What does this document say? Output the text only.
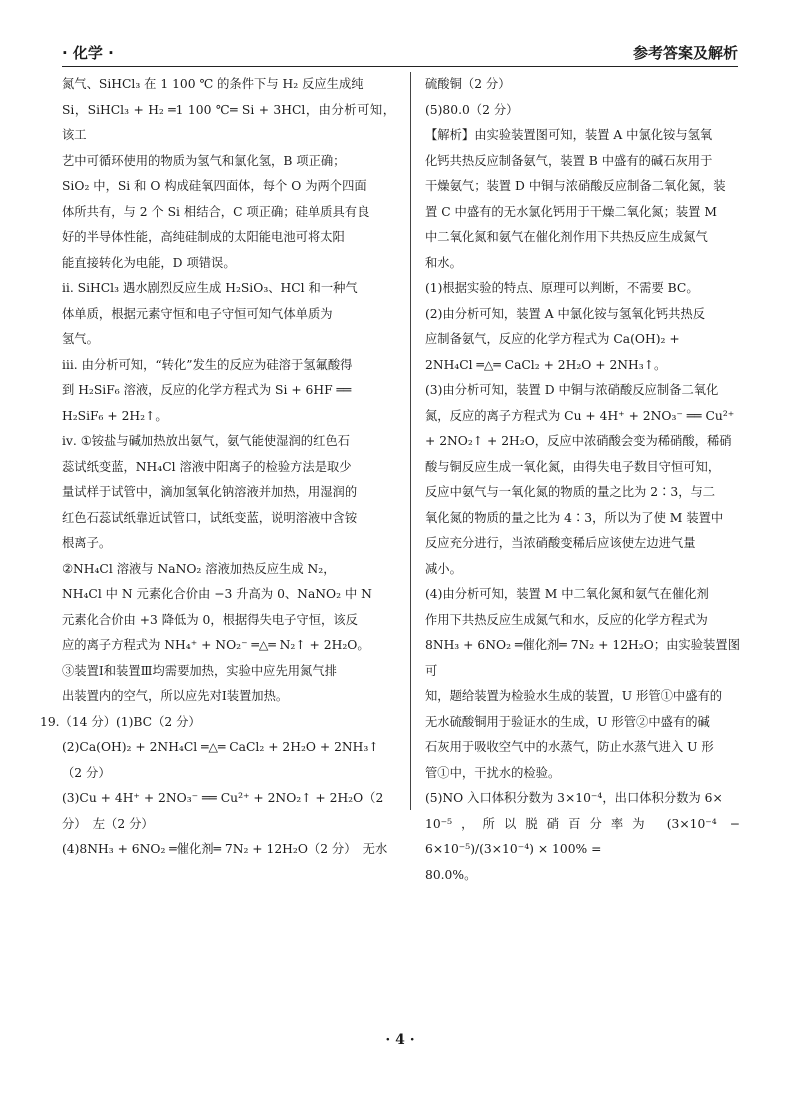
· 化学 ·	参考答案及解析

氮气、SiHCl₃ 在 1 100 ℃ 的条件下与 H₂ 反应生成纯

Si，SiHCl₃ + H₂ ═1 100 ℃═ Si + 3HCl，由分析可知，该工

艺中可循环使用的物质为氢气和氯化氢，B 项正确；

SiO₂ 中，Si 和 O 构成硅氧四面体，每个 O 为两个四面

体所共有，与 2 个 Si 相结合，C 项正确；硅单质具有良

好的半导体性能，高纯硅制成的太阳能电池可将太阳

能直接转化为电能，D 项错误。

ⅱ. SiHCl₃ 遇水剧烈反应生成 H₂SiO₃、HCl 和一种气

体单质，根据元素守恒和电子守恒可知气体单质为

氢气。

ⅲ. 由分析可知，“转化”发生的反应为硅溶于氢氟酸得

到 H₂SiF₆ 溶液，反应的化学方程式为 Si + 6HF ══

H₂SiF₆ + 2H₂↑。

ⅳ. ①铵盐与碱加热放出氨气，氨气能使湿润的红色石

蕊试纸变蓝，NH₄Cl 溶液中阳离子的检验方法是取少

量试样于试管中，滴加氢氧化钠溶液并加热，用湿润的

红色石蕊试纸靠近试管口，试纸变蓝，说明溶液中含铵

根离子。

②NH₄Cl 溶液与 NaNO₂ 溶液加热反应生成 N₂，

NH₄Cl 中 N 元素化合价由 −3 升高为 0、NaNO₂ 中 N

元素化合价由 +3 降低为 0，根据得失电子守恒，该反

应的离子方程式为 NH₄⁺ + NO₂⁻ ═△═ N₂↑ + 2H₂O。

③装置Ⅰ和装置Ⅲ均需要加热，实验中应先用氮气排

出装置内的空气，所以应先对Ⅰ装置加热。

19.（14 分）(1)BC（2 分）

(2)Ca(OH)₂ + 2NH₄Cl ═△═ CaCl₂ + 2H₂O + 2NH₃↑

（2 分）

(3)Cu + 4H⁺ + 2NO₃⁻ ══ Cu²⁺ + 2NO₂↑ + 2H₂O（2

分）　左（2 分）

(4)8NH₃ + 6NO₂ ═催化剂═ 7N₂ + 12H₂O（2 分）　无水

硫酸铜（2 分）

(5)80.0（2 分）

【解析】由实验装置图可知，装置 A 中氯化铵与氢氧

化钙共热反应制备氨气，装置 B 中盛有的碱石灰用于

干燥氨气；装置 D 中铜与浓硝酸反应制备二氧化氮，装

置 C 中盛有的无水氯化钙用于干燥二氧化氮；装置 M

中二氧化氮和氨气在催化剂作用下共热反应生成氮气

和水。

(1)根据实验的特点、原理可以判断，不需要 BC。

(2)由分析可知，装置 A 中氯化铵与氢氧化钙共热反

应制备氨气，反应的化学方程式为 Ca(OH)₂ +

2NH₄Cl ═△═ CaCl₂ + 2H₂O + 2NH₃↑。

(3)由分析可知，装置 D 中铜与浓硝酸反应制备二氧化

氮，反应的离子方程式为 Cu + 4H⁺ + 2NO₃⁻ ══ Cu²⁺

+ 2NO₂↑ + 2H₂O，反应中浓硝酸会变为稀硝酸，稀硝

酸与铜反应生成一氧化氮，由得失电子数目守恒可知，

反应中氨气与一氧化氮的物质的量之比为 2∶3，与二

氧化氮的物质的量之比为 4∶3，所以为了使 M 装置中

反应充分进行，当浓硝酸变稀后应该使左边进气量

减小。

(4)由分析可知，装置 M 中二氧化氮和氨气在催化剂

作用下共热反应生成氮气和水，反应的化学方程式为

8NH₃ + 6NO₂ ═催化剂═ 7N₂ + 12H₂O；由实验装置图可

知，题给装置为检验水生成的装置，U 形管①中盛有的

无水硫酸铜用于验证水的生成，U 形管②中盛有的碱

石灰用于吸收空气中的水蒸气，防止水蒸气进入 U 形

管①中，干扰水的检验。

(5)NO 入口体积分数为 3×10⁻⁴，出口体积分数为 6×

10⁻⁵，所以脱硝百分率为 (3×10⁻⁴ − 6×10⁻⁵)/(3×10⁻⁴) × 100% =

80.0%。

· 4 ·
